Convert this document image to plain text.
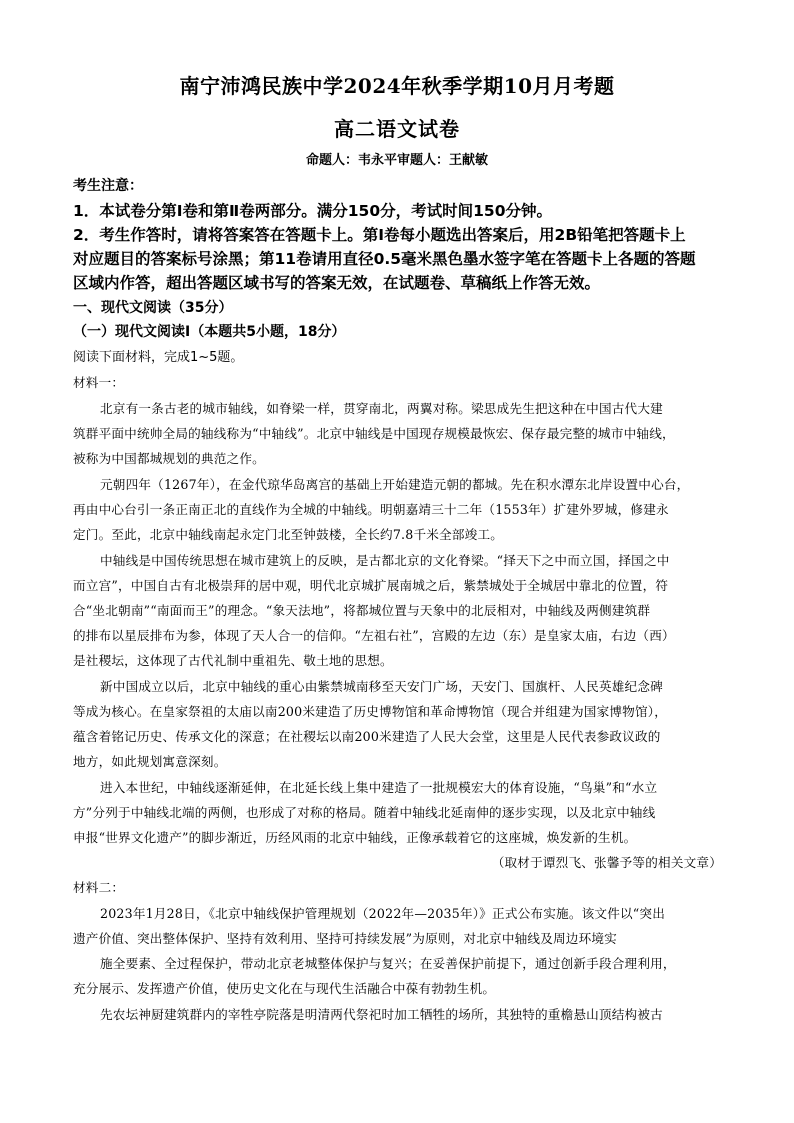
南宁沛鸿民族中学2024年秋季学期10月月考题
高二语文试卷
命题人：韦永平审题人：王献敏
考生注意：
1．本试卷分第Ⅰ卷和第Ⅱ卷两部分。满分150分，考试时间150分钟。
2．考生作答时，请将答案答在答题卡上。第Ⅰ卷每小题选出答案后，用2B铅笔把答题卡上
对应题目的答案标号涂黑；第11卷请用直径0.5毫米黑色墨水签字笔在答题卡上各题的答题
区域内作答，超出答题区域书写的答案无效，在试题卷、草稿纸上作答无效。
一、现代文阅读（35分）
（一）现代文阅读Ⅰ（本题共5小题，18分）
阅读下面材料，完成1~5题。
材料一：
北京有一条古老的城市轴线，如脊梁一样，贯穿南北，两翼对称。梁思成先生把这种在中国古代大建
筑群平面中统帅全局的轴线称为“中轴线”。北京中轴线是中国现存规模最恢宏、保存最完整的城市中轴线，
被称为中国都城规划的典范之作。
元朝四年（1267年），在金代琼华岛离宫的基础上开始建造元朝的都城。先在积水潭东北岸设置中心台，
再由中心台引一条正南正北的直线作为全城的中轴线。明朝嘉靖三十二年（1553年）扩建外罗城，修建永
定门。至此，北京中轴线南起永定门北至钟鼓楼，全长约7.8千米全部竣工。
中轴线是中国传统思想在城市建筑上的反映，是古都北京的文化脊梁。“择天下之中而立国，择国之中
而立宫”，中国自古有北极崇拜的居中观，明代北京城扩展南城之后，紫禁城处于全城居中靠北的位置，符
合“坐北朝南”“南面而王”的理念。“象天法地”，将都城位置与天象中的北辰相对，中轴线及两侧建筑群
的排布以星辰排布为参，体现了天人合一的信仰。“左祖右社”，宫殿的左边（东）是皇家太庙，右边（西）
是社稷坛，这体现了古代礼制中重祖先、敬土地的思想。
新中国成立以后，北京中轴线的重心由紫禁城南移至天安门广场，天安门、国旗杆、人民英雄纪念碑
等成为核心。在皇家祭祖的太庙以南200米建造了历史博物馆和革命博物馆（现合并组建为国家博物馆），
蕴含着铭记历史、传承文化的深意；在社稷坛以南200米建造了人民大会堂，这里是人民代表参政议政的
地方，如此规划寓意深刻。
进入本世纪，中轴线逐渐延伸，在北延长线上集中建造了一批规模宏大的体育设施，“鸟巢”和“水立
方”分列于中轴线北端的两侧，也形成了对称的格局。随着中轴线北延南伸的逐步实现，以及北京中轴线
申报“世界文化遗产”的脚步渐近，历经风雨的北京中轴线，正像承载着它的这座城，焕发新的生机。
（取材于谭烈飞、张馨予等的相关文章）
材料二：
2023年1月28日，《北京中轴线保护管理规划（2022年—2035年）》正式公布实施。该文件以“突出
遗产价值、突出整体保护、坚持有效利用、坚持可持续发展”为原则，对北京中轴线及周边环境实
施全要素、全过程保护，带动北京老城整体保护与复兴；在妥善保护前提下，通过创新手段合理利用，
充分展示、发挥遗产价值，使历史文化在与现代生活融合中葆有勃勃生机。
先农坛神厨建筑群内的宰牲亭院落是明清两代祭祀时加工牺牲的场所，其独特的重檐悬山顶结构被古
